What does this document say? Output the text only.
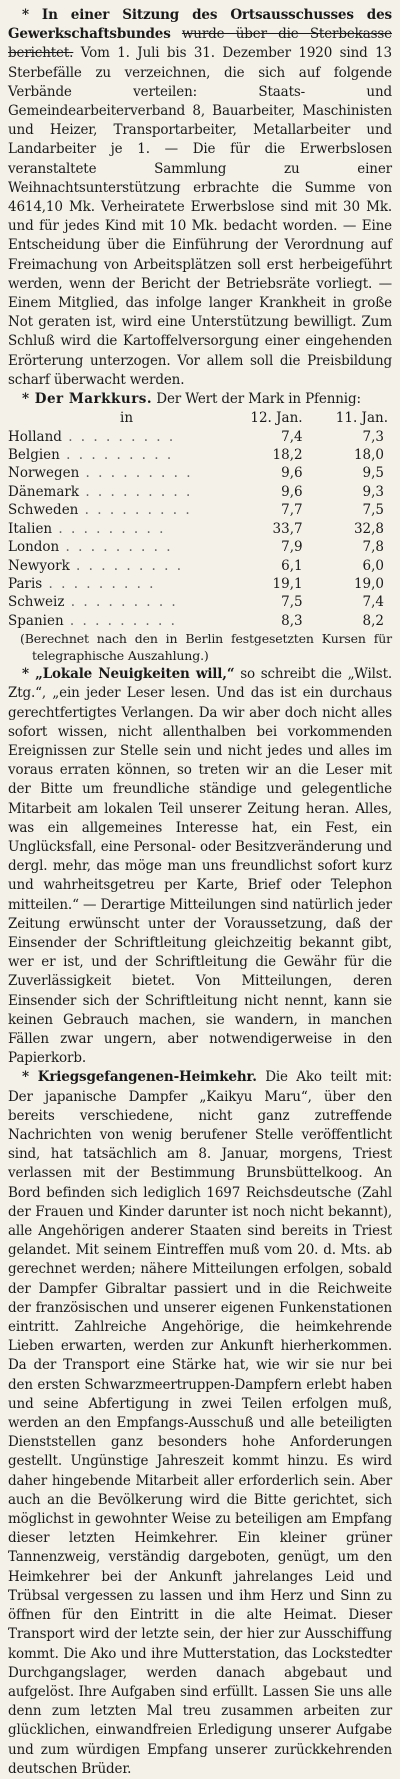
* In einer Sitzung des Ortsausschusses des Gewerkschaftsbundes wurde über die Sterbekasse berichtet. Vom 1. Juli bis 31. Dezember 1920 sind 13 Sterbefälle zu verzeichnen, die sich auf folgende Verbände verteilen: Staats- und Gemeindearbeiterverband 8, Bauarbeiter, Maschinisten und Heizer, Transportarbeiter, Metallarbeiter und Landarbeiter je 1. — Die für die Erwerbslosen veranstaltete Sammlung zu einer Weihnachtsunterstützung erbrachte die Summe von 4614,10 Mk. Verheiratete Erwerbslose sind mit 30 Mk. und für jedes Kind mit 10 Mk. bedacht worden. — Eine Entscheidung über die Einführung der Verordnung auf Freimachung von Arbeitsplätzen soll erst herbeigeführt werden, wenn der Bericht der Betriebsräte vorliegt. — Einem Mitglied, das infolge langer Krankheit in große Not geraten ist, wird eine Unterstützung bewilligt. Zum Schluß wird die Kartoffelversorgung einer eingehenden Erörterung unterzogen. Vor allem soll die Preisbildung scharf überwacht werden.

* Der Markkurs. Der Wert der Mark in Pfennig:

in	12. Jan.	11. Jan.
Holland . . . . . . . . .	7,4	7,3
Belgien . . . . . . . . .	18,2	18,0
Norwegen . . . . . . . . .	9,6	9,5
Dänemark . . . . . . . . .	9,6	9,3
Schweden . . . . . . . . .	7,7	7,5
Italien . . . . . . . . .	33,7	32,8
London . . . . . . . . .	7,9	7,8
Newyork . . . . . . . . .	6,1	6,0
Paris . . . . . . . . .	19,1	19,0
Schweiz . . . . . . . . .	7,5	7,4
Spanien . . . . . . . . .	8,3	8,2

(Berechnet nach den in Berlin festgesetzten Kursen für telegraphische Auszahlung.)

* „Lokale Neuigkeiten will,“ so schreibt die „Wilst. Ztg.“, „ein jeder Leser lesen. Und das ist ein durchaus gerechtfertigtes Verlangen. Da wir aber doch nicht alles sofort wissen, nicht allenthalben bei vorkommenden Ereignissen zur Stelle sein und nicht jedes und alles im voraus erraten können, so treten wir an die Leser mit der Bitte um freundliche ständige und gelegentliche Mitarbeit am lokalen Teil unserer Zeitung heran. Alles, was ein allgemeines Interesse hat, ein Fest, ein Unglücksfall, eine Personal- oder Besitzveränderung und dergl. mehr, das möge man uns freundlichst sofort kurz und wahrheitsgetreu per Karte, Brief oder Telephon mitteilen.“ — Derartige Mitteilungen sind natürlich jeder Zeitung erwünscht unter der Voraussetzung, daß der Einsender der Schriftleitung gleichzeitig bekannt gibt, wer er ist, und der Schriftleitung die Gewähr für die Zuverlässigkeit bietet. Von Mitteilungen, deren Einsender sich der Schriftleitung nicht nennt, kann sie keinen Gebrauch machen, sie wandern, in manchen Fällen zwar ungern, aber notwendigerweise in den Papierkorb.

* Kriegsgefangenen-Heimkehr. Die Ako teilt mit: Der japanische Dampfer „Kaikyu Maru“, über den bereits verschiedene, nicht ganz zutreffende Nachrichten von wenig berufener Stelle veröffentlicht sind, hat tatsächlich am 8. Januar, morgens, Triest verlassen mit der Bestimmung Brunsbüttelkoog. An Bord befinden sich lediglich 1697 Reichsdeutsche (Zahl der Frauen und Kinder darunter ist noch nicht bekannt), alle Angehörigen anderer Staaten sind bereits in Triest gelandet. Mit seinem Eintreffen muß vom 20. d. Mts. ab gerechnet werden; nähere Mitteilungen erfolgen, sobald der Dampfer Gibraltar passiert und in die Reichweite der französischen und unserer eigenen Funkenstationen eintritt. Zahlreiche Angehörige, die heimkehrende Lieben erwarten, werden zur Ankunft hierherkommen. Da der Transport eine Stärke hat, wie wir sie nur bei den ersten Schwarzmeertruppen-Dampfern erlebt haben und seine Abfertigung in zwei Teilen erfolgen muß, werden an den Empfangs-Ausschuß und alle beteiligten Dienststellen ganz besonders hohe Anforderungen gestellt. Ungünstige Jahreszeit kommt hinzu. Es wird daher hingebende Mitarbeit aller erforderlich sein. Aber auch an die Bevölkerung wird die Bitte gerichtet, sich möglichst in gewohnter Weise zu beteiligen am Empfang dieser letzten Heimkehrer. Ein kleiner grüner Tannenzweig, verständig dargeboten, genügt, um den Heimkehrer bei der Ankunft jahrelanges Leid und Trübsal vergessen zu lassen und ihm Herz und Sinn zu öffnen für den Eintritt in die alte Heimat. Dieser Transport wird der letzte sein, der hier zur Ausschiffung kommt. Die Ako und ihre Mutterstation, das Lockstedter Durchgangslager, werden danach abgebaut und aufgelöst. Ihre Aufgaben sind erfüllt. Lassen Sie uns alle denn zum letzten Mal treu zusammen arbeiten zur glücklichen, einwandfreien Erledigung unserer Aufgabe und zum würdigen Empfang unserer zurückkehrenden deutschen Brüder.
